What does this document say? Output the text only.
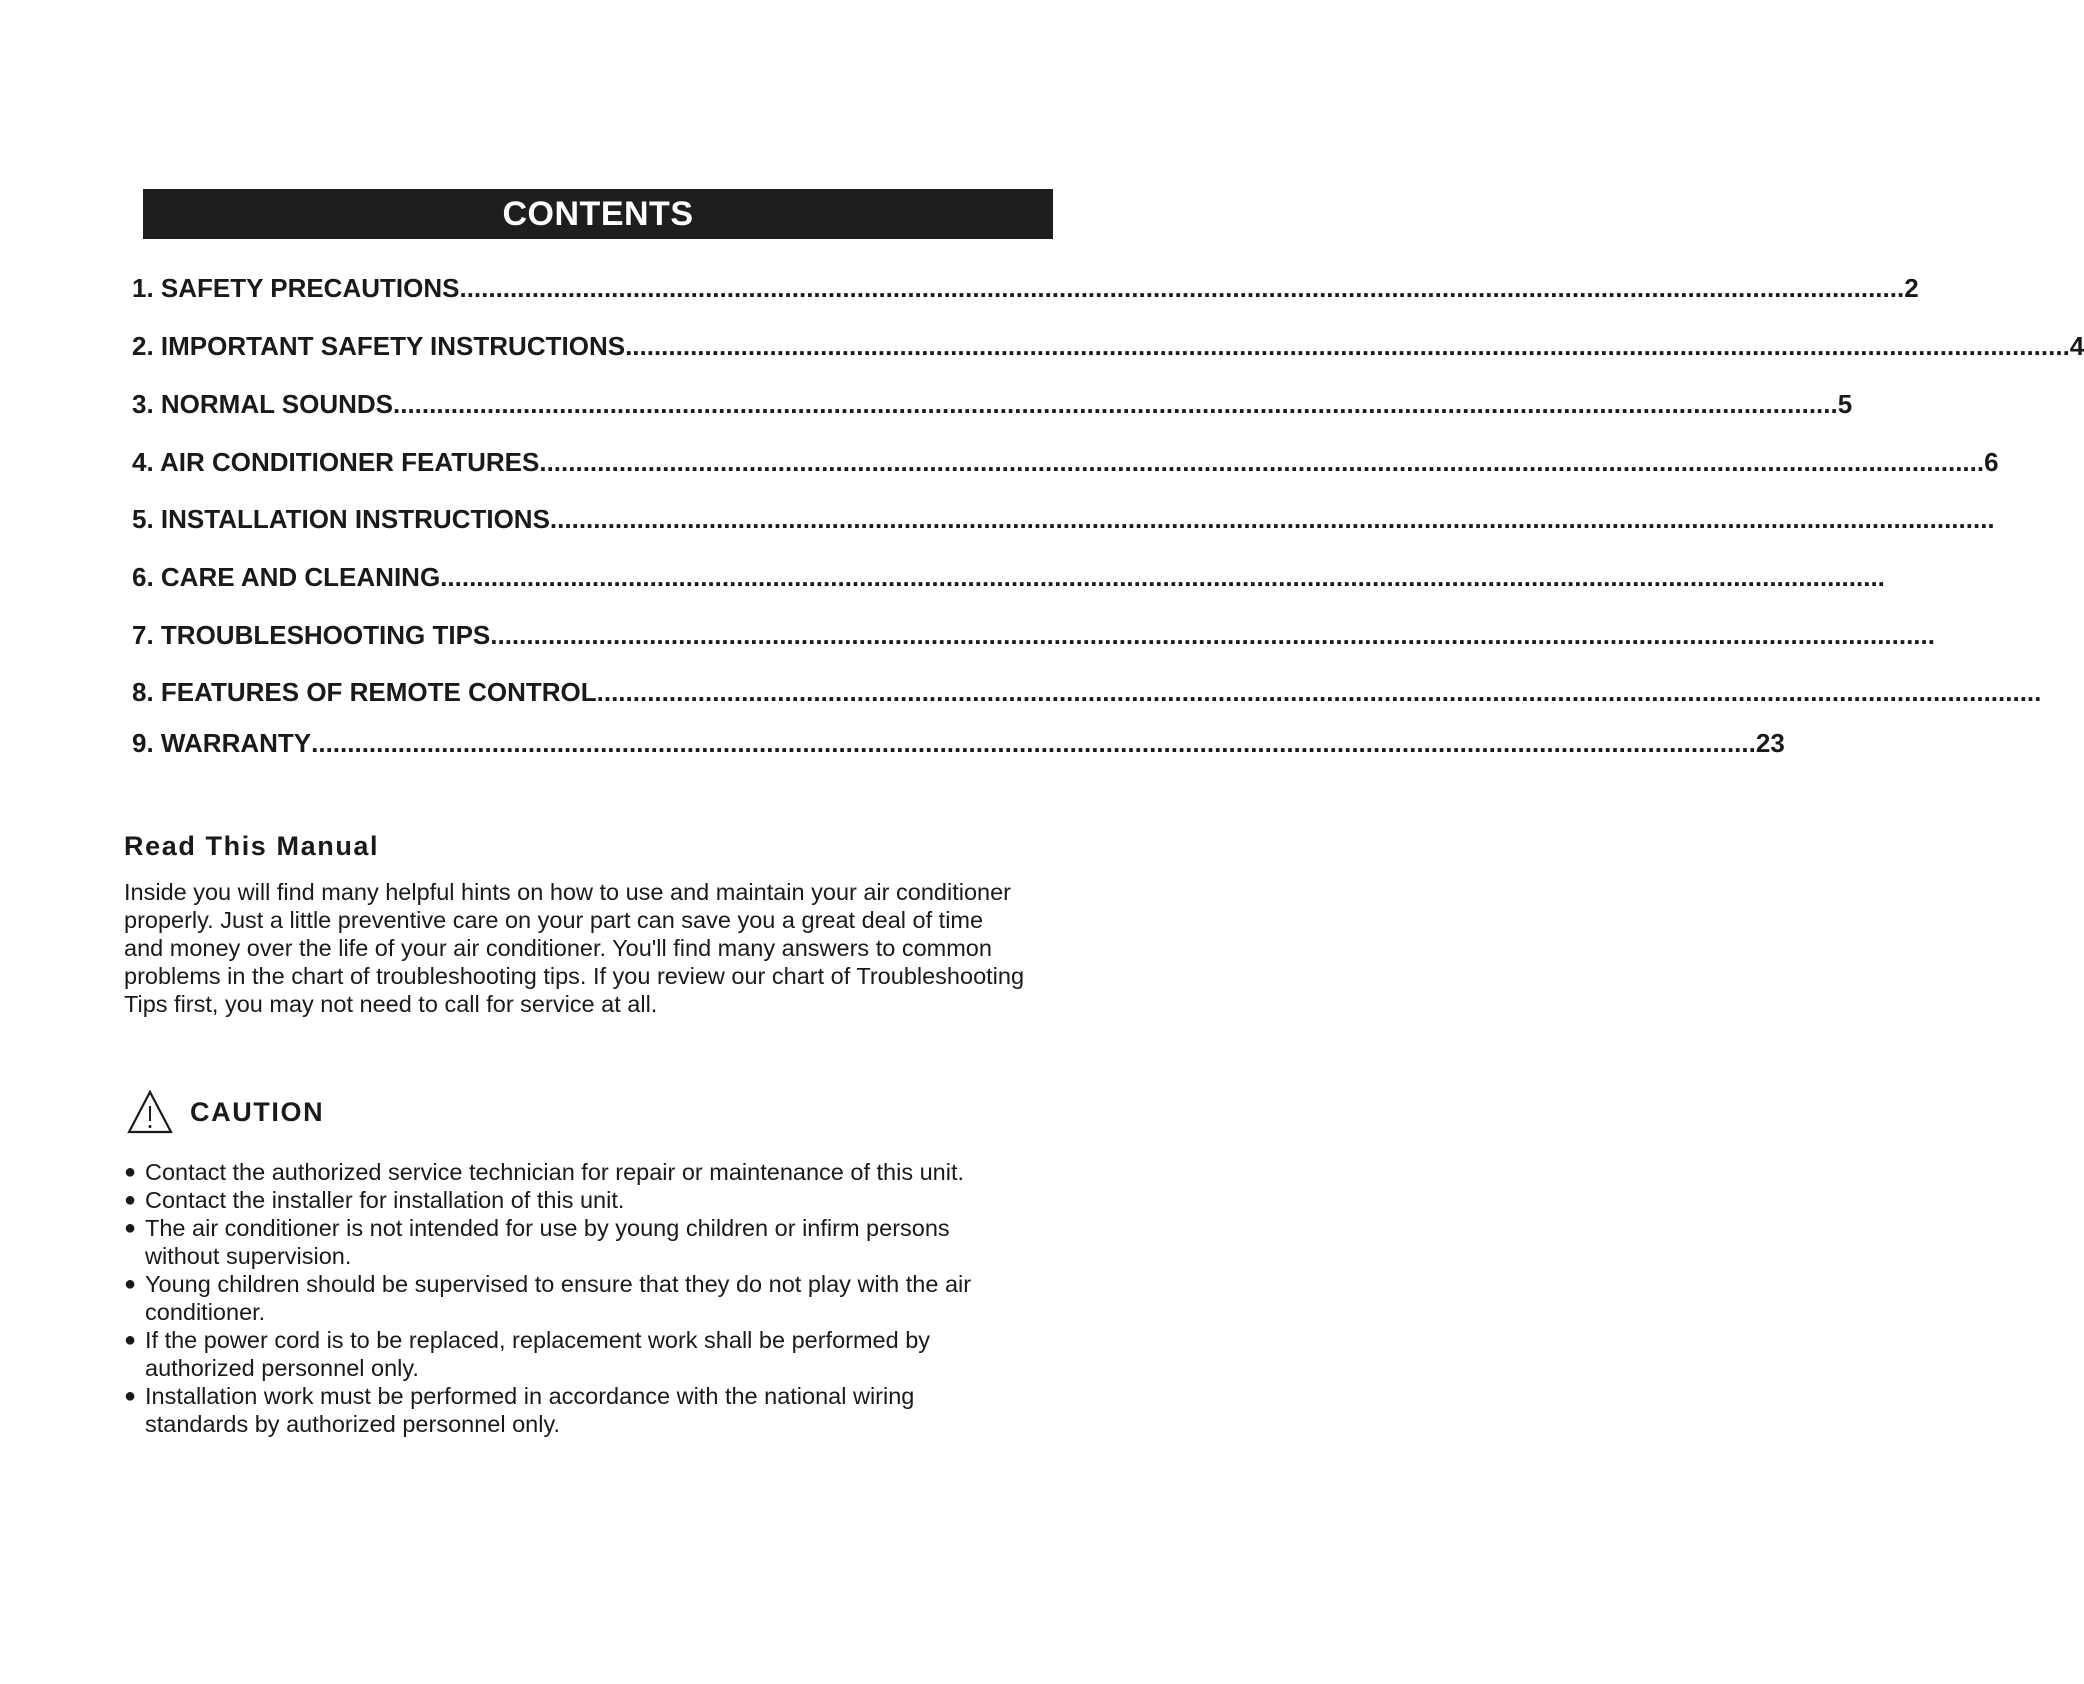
CONTENTS
1. SAFETY PRECAUTIONS ........................................................................................................................................................................................................ 2
2. IMPORTANT SAFETY INSTRUCTIONS ........................................................................................................................................................................................................ 4
3. NORMAL SOUNDS ........................................................................................................................................................................................................ 5
4. AIR CONDITIONER FEATURES ........................................................................................................................................................................................................ 6
5. INSTALLATION INSTRUCTIONS ........................................................................................................................................................................................................
6. CARE AND CLEANING ........................................................................................................................................................................................................
7. TROUBLESHOOTING TIPS ........................................................................................................................................................................................................
8. FEATURES OF REMOTE CONTROL ........................................................................................................................................................................................................
9. WARRANTY ........................................................................................................................................................................................................ 23
Read This Manual
Inside you will find many helpful hints on how to use and maintain your air conditioner
properly. Just a little preventive care on your part can save you a great deal of time
and money over the life of your air conditioner. You'll find many answers to common
problems in the chart of troubleshooting tips. If you review our chart of Troubleshooting
Tips first, you may not need to call for service at all.
CAUTION
● Contact the authorized service technician for repair or maintenance of this unit.
● Contact the installer for installation of this unit.
● The air conditioner is not intended for use by young children or infirm persons
without supervision.
● Young children should be supervised to ensure that they do not play with the air
conditioner.
● If the power cord is to be replaced, replacement work shall be performed by
authorized personnel only.
● Installation work must be performed in accordance with the national wiring
standards by authorized personnel only.
